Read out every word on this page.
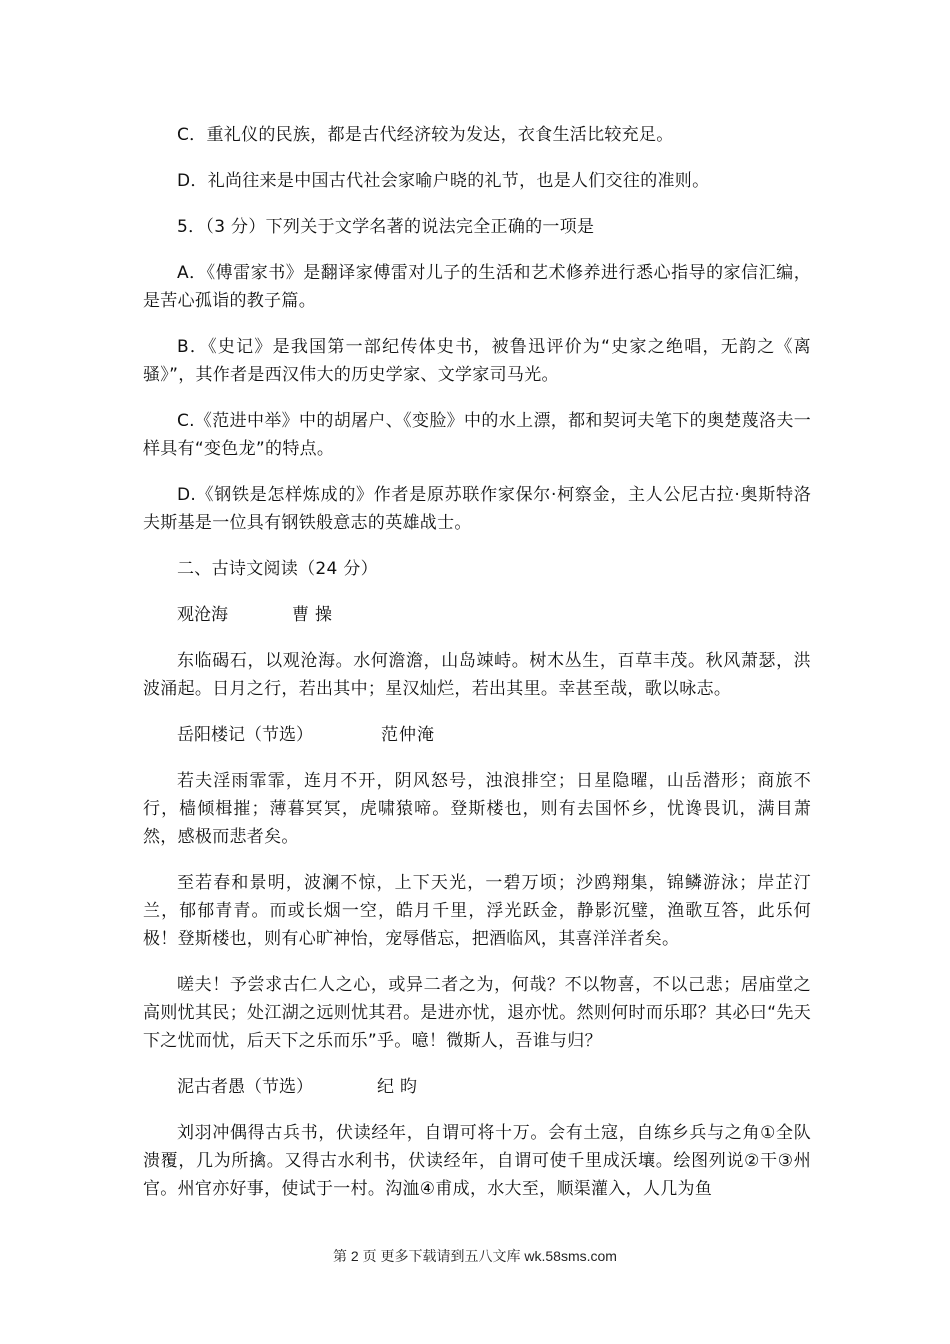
C．重礼仪的民族，都是古代经济较为发达，衣食生活比较充足。

D．礼尚往来是中国古代社会家喻户晓的礼节，也是人们交往的准则。

5．（3 分）下列关于文学名著的说法完全正确的一项是

A．《傅雷家书》是翻译家傅雷对儿子的生活和艺术修养进行悉心指导的家信汇编，是苦心孤诣的教子篇。

B．《史记》是我国第一部纪传体史书，被鲁迅评价为“史家之绝唱，无韵之《离骚》”，其作者是西汉伟大的历史学家、文学家司马光。

C.《范进中举》中的胡屠户、《变脸》中的水上漂，都和契诃夫笔下的奥楚蔑洛夫一样具有“变色龙”的特点。

D.《钢铁是怎样炼成的》作者是原苏联作家保尔·柯察金，主人公尼古拉·奥斯特洛夫斯基是一位具有钢铁般意志的英雄战士。

二、古诗文阅读（24 分）

观沧海	曹操

东临碣石，以观沧海。水何澹澹，山岛竦峙。树木丛生，百草丰茂。秋风萧瑟，洪波涌起。日月之行，若出其中；星汉灿烂，若出其里。幸甚至哉，歌以咏志。

岳阳楼记（节选）	范仲淹

若夫淫雨霏霏，连月不开，阴风怒号，浊浪排空；日星隐曜，山岳潜形；商旅不行，樯倾楫摧；薄暮冥冥，虎啸猿啼。登斯楼也，则有去国怀乡，忧谗畏讥，满目萧然，感极而悲者矣。

至若春和景明，波澜不惊，上下天光，一碧万顷；沙鸥翔集，锦鳞游泳；岸芷汀兰，郁郁青青。而或长烟一空，皓月千里，浮光跃金，静影沉璧，渔歌互答，此乐何极！登斯楼也，则有心旷神怡，宠辱偕忘，把酒临风，其喜洋洋者矣。

嗟夫！予尝求古仁人之心，或异二者之为，何哉？不以物喜，不以己悲；居庙堂之高则忧其民；处江湖之远则忧其君。是进亦忧，退亦忧。然则何时而乐耶？其必曰“先天下之忧而忧，后天下之乐而乐”乎。噫！微斯人，吾谁与归？

泥古者愚（节选）	纪昀

刘羽冲偶得古兵书，伏读经年，自谓可将十万。会有土寇，自练乡兵与之角①全队溃覆，几为所擒。又得古水利书，伏读经年，自谓可使千里成沃壤。绘图列说②干③州官。州官亦好事，使试于一村。沟洫④甫成，水大至，顺渠灌入，人几为鱼

第 2 页 更多下载请到五八文库 wk.58sms.com
